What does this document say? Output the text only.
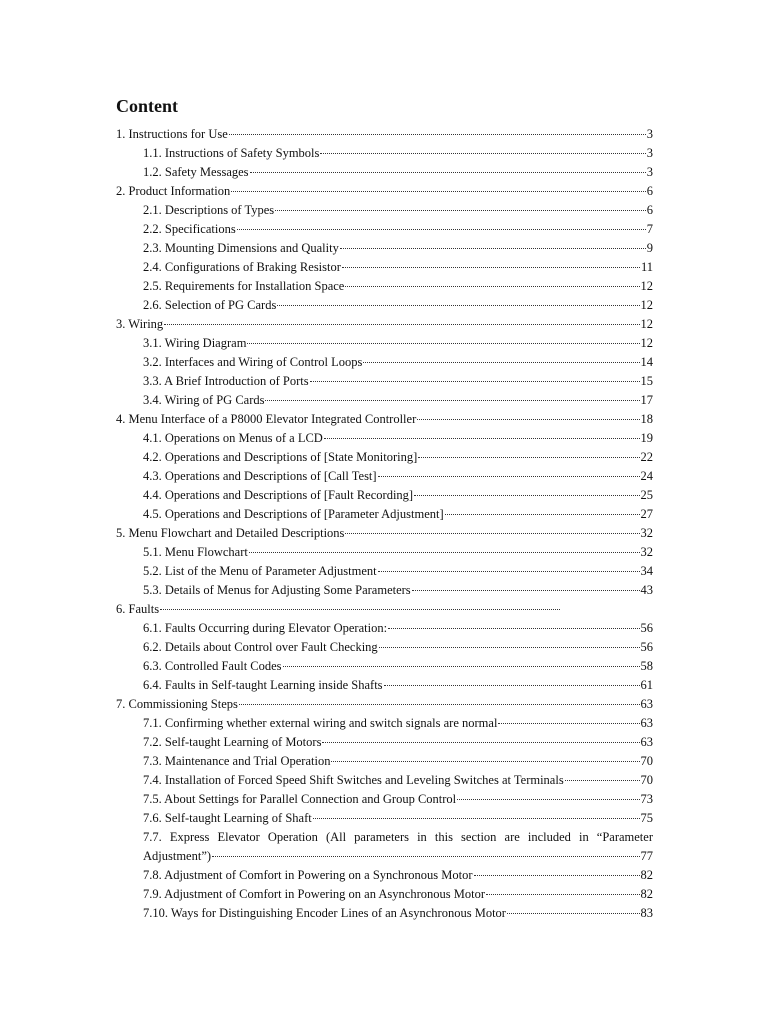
Content
1. Instructions for Use	3
1.1. Instructions of Safety Symbols	3
1.2. Safety Messages	3
2. Product Information	6
2.1. Descriptions of Types	6
2.2. Specifications	7
2.3. Mounting Dimensions and Quality	9
2.4. Configurations of Braking Resistor	11
2.5. Requirements for Installation Space	12
2.6. Selection of PG Cards	12
3. Wiring	12
3.1. Wiring Diagram	12
3.2. Interfaces and Wiring of Control Loops	14
3.3. A Brief Introduction of Ports	15
3.4. Wiring of PG Cards	17
4. Menu Interface of a P8000 Elevator Integrated Controller	18
4.1. Operations on Menus of a LCD	19
4.2. Operations and Descriptions of [State Monitoring]	22
4.3. Operations and Descriptions of [Call Test]	24
4.4. Operations and Descriptions of [Fault Recording]	25
4.5. Operations and Descriptions of [Parameter Adjustment]	27
5. Menu Flowchart and Detailed Descriptions	32
5.1. Menu Flowchart	32
5.2. List of the Menu of Parameter Adjustment	34
5.3. Details of Menus for Adjusting Some Parameters	43
6. Faults
6.1. Faults Occurring during Elevator Operation:	56
6.2. Details about Control over Fault Checking	56
6.3. Controlled Fault Codes	58
6.4. Faults in Self-taught Learning inside Shafts	61
7. Commissioning Steps	63
7.1. Confirming whether external wiring and switch signals are normal	63
7.2. Self-taught Learning of Motors	63
7.3. Maintenance and Trial Operation	70
7.4. Installation of Forced Speed Shift Switches and Leveling Switches at Terminals	70
7.5. About Settings for Parallel Connection and Group Control	73
7.6. Self-taught Learning of Shaft	75
7.7. Express Elevator Operation (All parameters in this section are included in “Parameter
Adjustment”)	77
7.8. Adjustment of Comfort in Powering on a Synchronous Motor	82
7.9. Adjustment of Comfort in Powering on an Asynchronous Motor	82
7.10. Ways for Distinguishing Encoder Lines of an Asynchronous Motor	83
